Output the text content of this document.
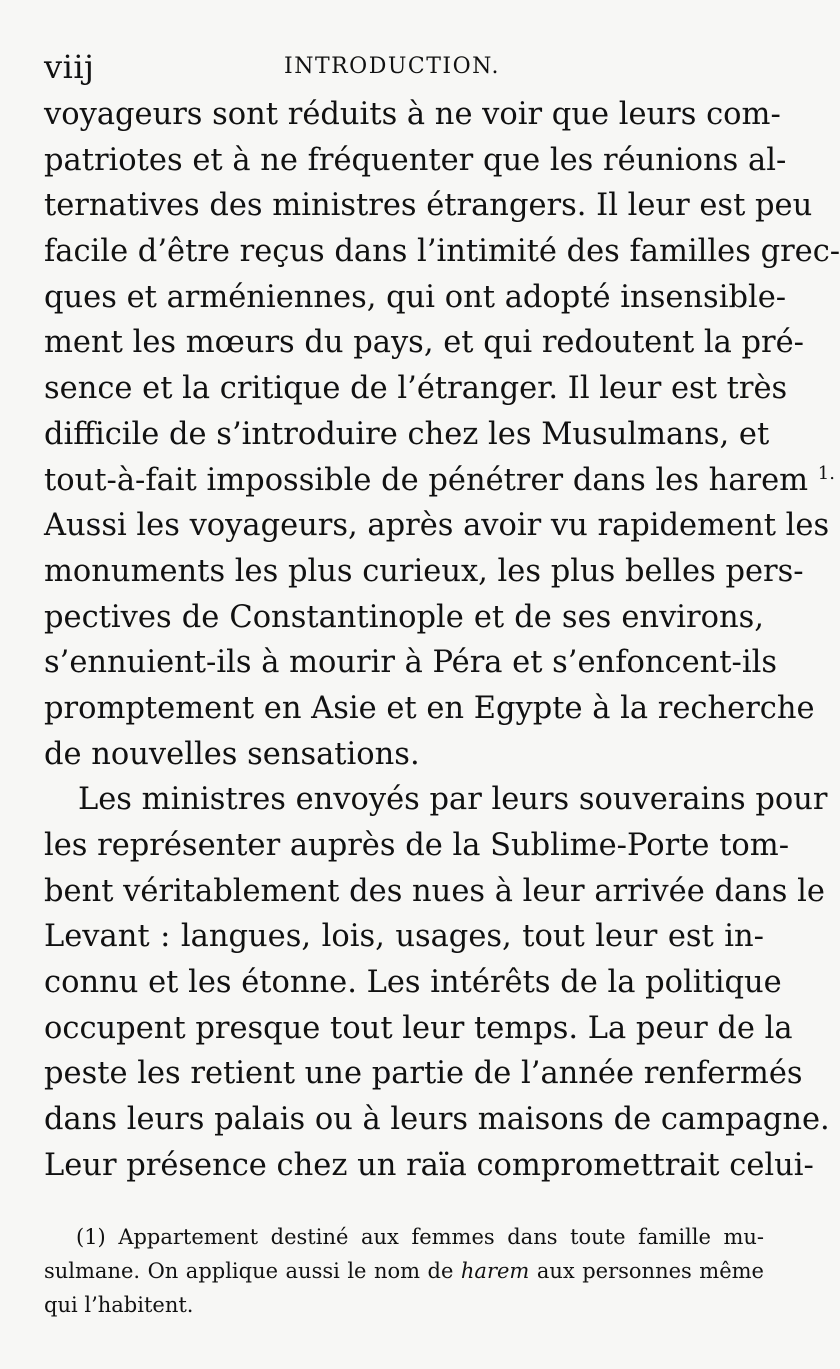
viij	INTRODUCTION.
voyageurs sont réduits à ne voir que leurs com-
patriotes et à ne fréquenter que les réunions al-
ternatives des ministres étrangers. Il leur est peu
facile d’être reçus dans l’intimité des familles grec-
ques et arméniennes, qui ont adopté insensible-
ment les mœurs du pays, et qui redoutent la pré-
sence et la critique de l’étranger. Il leur est très
difficile de s’introduire chez les Musulmans, et
tout-à-fait impossible de pénétrer dans les harem $^{1.}$
Aussi les voyageurs, après avoir vu rapidement les
monuments les plus curieux, les plus belles pers-
pectives de Constantinople et de ses environs,
s’ennuient-ils à mourir à Péra et s’enfoncent-ils
promptement en Asie et en Egypte à la recherche
de nouvelles sensations.
Les ministres envoyés par leurs souverains pour
les représenter auprès de la Sublime-Porte tom-
bent véritablement des nues à leur arrivée dans le
Levant : langues, lois, usages, tout leur est in-
connu et les étonne. Les intérêts de la politique
occupent presque tout leur temps. La peur de la
peste les retient une partie de l’année renfermés
dans leurs palais ou à leurs maisons de campagne.
Leur présence chez un raïa compromettrait celui-
(1) Appartement destiné aux femmes dans toute famille mu-
sulmane. On applique aussi le nom de harem aux personnes même
qui l’habitent.
